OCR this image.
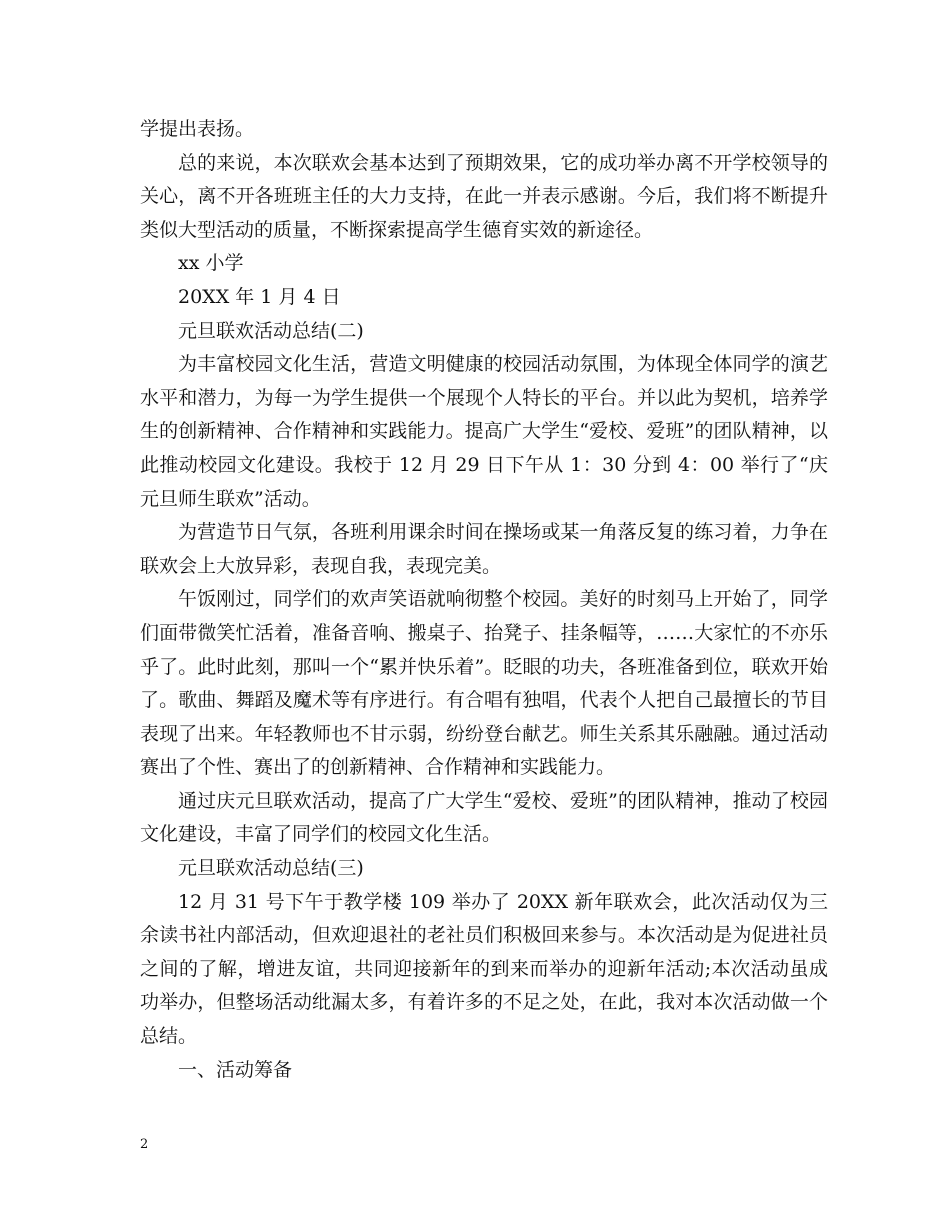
学提出表扬。

总的来说，本次联欢会基本达到了预期效果，它的成功举办离不开学校领导的关心，离不开各班班主任的大力支持，在此一并表示感谢。今后，我们将不断提升类似大型活动的质量，不断探索提高学生德育实效的新途径。

xx 小学

20XX 年 1 月 4 日

元旦联欢活动总结(二)

为丰富校园文化生活，营造文明健康的校园活动氛围，为体现全体同学的演艺水平和潜力，为每一为学生提供一个展现个人特长的平台。并以此为契机，培养学生的创新精神、合作精神和实践能力。提高广大学生“爱校、爱班”的团队精神，以此推动校园文化建设。我校于 12 月 29 日下午从 1：30 分到 4：00 举行了“庆元旦师生联欢”活动。

为营造节日气氛，各班利用课余时间在操场或某一角落反复的练习着，力争在联欢会上大放异彩，表现自我，表现完美。

午饭刚过，同学们的欢声笑语就响彻整个校园。美好的时刻马上开始了，同学们面带微笑忙活着，准备音响、搬桌子、抬凳子、挂条幅等，……大家忙的不亦乐乎了。此时此刻，那叫一个“累并快乐着”。眨眼的功夫，各班准备到位，联欢开始了。歌曲、舞蹈及魔术等有序进行。有合唱有独唱，代表个人把自己最擅长的节目表现了出来。年轻教师也不甘示弱，纷纷登台献艺。师生关系其乐融融。通过活动赛出了个性、赛出了的创新精神、合作精神和实践能力。

通过庆元旦联欢活动，提高了广大学生“爱校、爱班”的团队精神，推动了校园文化建设，丰富了同学们的校园文化生活。

元旦联欢活动总结(三)

12 月 31 号下午于教学楼 109 举办了 20XX 新年联欢会，此次活动仅为三余读书社内部活动，但欢迎退社的老社员们积极回来参与。本次活动是为促进社员之间的了解，增进友谊，共同迎接新年的到来而举办的迎新年活动;本次活动虽成功举办，但整场活动纰漏太多，有着许多的不足之处，在此，我对本次活动做一个总结。

一、活动筹备

2
